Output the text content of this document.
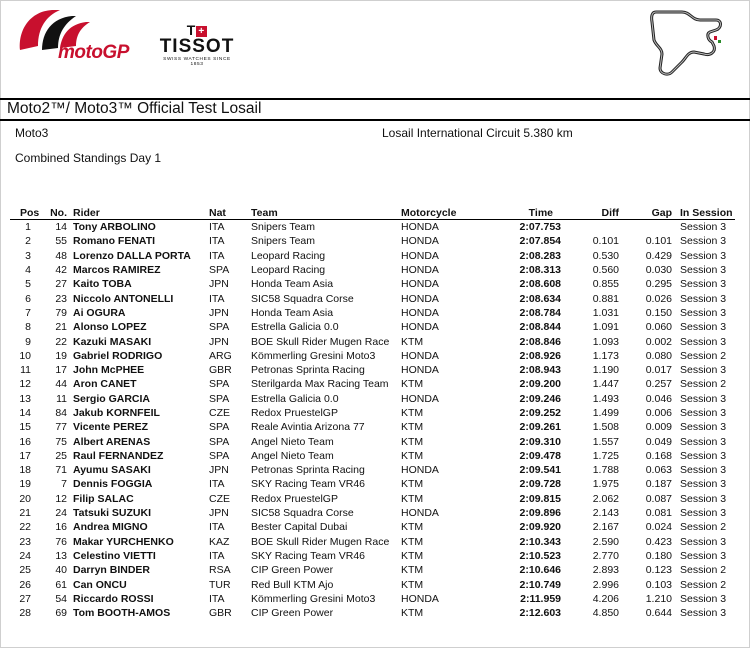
motoGP
T +
TISSOT
SWISS WATCHES SINCE 1853
Moto2™/ Moto3™ Official Test Losail
Moto3	Losail International Circuit 5.380 km
Combined Standings Day 1
Pos	No.	Rider	Nat	Team	Motorcycle	Time	Diff	Gap	In Session
1	14	Tony ARBOLINO	ITA	Snipers Team	HONDA	2:07.753			Session 3
2	55	Romano FENATI	ITA	Snipers Team	HONDA	2:07.854	0.101	0.101	Session 3
3	48	Lorenzo DALLA PORTA	ITA	Leopard Racing	HONDA	2:08.283	0.530	0.429	Session 3
4	42	Marcos RAMIREZ	SPA	Leopard Racing	HONDA	2:08.313	0.560	0.030	Session 3
5	27	Kaito TOBA	JPN	Honda Team Asia	HONDA	2:08.608	0.855	0.295	Session 3
6	23	Niccolo ANTONELLI	ITA	SIC58 Squadra Corse	HONDA	2:08.634	0.881	0.026	Session 3
7	79	Ai OGURA	JPN	Honda Team Asia	HONDA	2:08.784	1.031	0.150	Session 3
8	21	Alonso LOPEZ	SPA	Estrella Galicia 0.0	HONDA	2:08.844	1.091	0.060	Session 3
9	22	Kazuki MASAKI	JPN	BOE Skull Rider Mugen Race	KTM	2:08.846	1.093	0.002	Session 3
10	19	Gabriel RODRIGO	ARG	Kömmerling Gresini Moto3	HONDA	2:08.926	1.173	0.080	Session 2
11	17	John McPHEE	GBR	Petronas Sprinta Racing	HONDA	2:08.943	1.190	0.017	Session 3
12	44	Aron CANET	SPA	Sterilgarda Max Racing Team	KTM	2:09.200	1.447	0.257	Session 2
13	11	Sergio GARCIA	SPA	Estrella Galicia 0.0	HONDA	2:09.246	1.493	0.046	Session 3
14	84	Jakub KORNFEIL	CZE	Redox PruestelGP	KTM	2:09.252	1.499	0.006	Session 3
15	77	Vicente PEREZ	SPA	Reale Avintia Arizona 77	KTM	2:09.261	1.508	0.009	Session 3
16	75	Albert ARENAS	SPA	Angel Nieto Team	KTM	2:09.310	1.557	0.049	Session 3
17	25	Raul FERNANDEZ	SPA	Angel Nieto Team	KTM	2:09.478	1.725	0.168	Session 3
18	71	Ayumu SASAKI	JPN	Petronas Sprinta Racing	HONDA	2:09.541	1.788	0.063	Session 3
19	7	Dennis FOGGIA	ITA	SKY Racing Team VR46	KTM	2:09.728	1.975	0.187	Session 3
20	12	Filip SALAC	CZE	Redox PruestelGP	KTM	2:09.815	2.062	0.087	Session 3
21	24	Tatsuki SUZUKI	JPN	SIC58 Squadra Corse	HONDA	2:09.896	2.143	0.081	Session 3
22	16	Andrea MIGNO	ITA	Bester Capital Dubai	KTM	2:09.920	2.167	0.024	Session 2
23	76	Makar YURCHENKO	KAZ	BOE Skull Rider Mugen Race	KTM	2:10.343	2.590	0.423	Session 3
24	13	Celestino VIETTI	ITA	SKY Racing Team VR46	KTM	2:10.523	2.770	0.180	Session 3
25	40	Darryn BINDER	RSA	CIP Green Power	KTM	2:10.646	2.893	0.123	Session 2
26	61	Can ONCU	TUR	Red Bull KTM Ajo	KTM	2:10.749	2.996	0.103	Session 2
27	54	Riccardo ROSSI	ITA	Kömmerling Gresini Moto3	HONDA	2:11.959	4.206	1.210	Session 3
28	69	Tom BOOTH-AMOS	GBR	CIP Green Power	KTM	2:12.603	4.850	0.644	Session 3
